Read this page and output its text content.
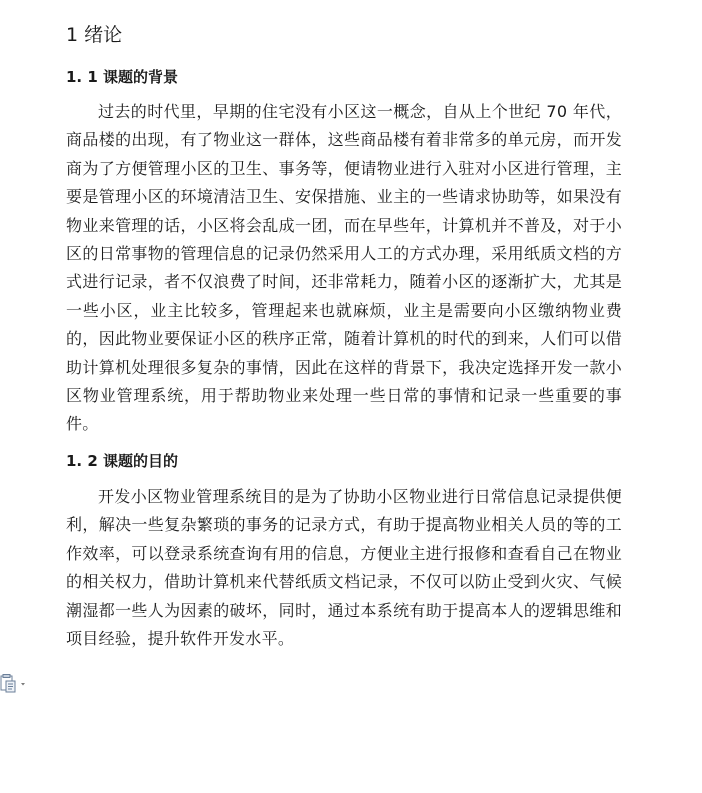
1 绪论
1. 1 课题的背景

过去的时代里，早期的住宅没有小区这一概念，自从上个世纪 70 年代，商品楼的出现，有了物业这一群体，这些商品楼有着非常多的单元房，而开发商为了方便管理小区的卫生、事务等，便请物业进行入驻对小区进行管理，主要是管理小区的环境清洁卫生、安保措施、业主的一些请求协助等，如果没有物业来管理的话，小区将会乱成一团，而在早些年，计算机并不普及，对于小区的日常事物的管理信息的记录仍然采用人工的方式办理，采用纸质文档的方式进行记录，者不仅浪费了时间，还非常耗力，随着小区的逐渐扩大，尤其是一些小区，业主比较多，管理起来也就麻烦，业主是需要向小区缴纳物业费的，因此物业要保证小区的秩序正常，随着计算机的时代的到来，人们可以借助计算机处理很多复杂的事情，因此在这样的背景下，我决定选择开发一款小区物业管理系统，用于帮助物业来处理一些日常的事情和记录一些重要的事件。

1. 2 课题的目的

开发小区物业管理系统目的是为了协助小区物业进行日常信息记录提供便利，解决一些复杂繁琐的事务的记录方式，有助于提高物业相关人员的等的工作效率，可以登录系统查询有用的信息，方便业主进行报修和查看自己在物业的相关权力，借助计算机来代替纸质文档记录，不仅可以防止受到火灾、气候潮湿都一些人为因素的破坏，同时，通过本系统有助于提高本人的逻辑思维和项目经验，提升软件开发水平。
